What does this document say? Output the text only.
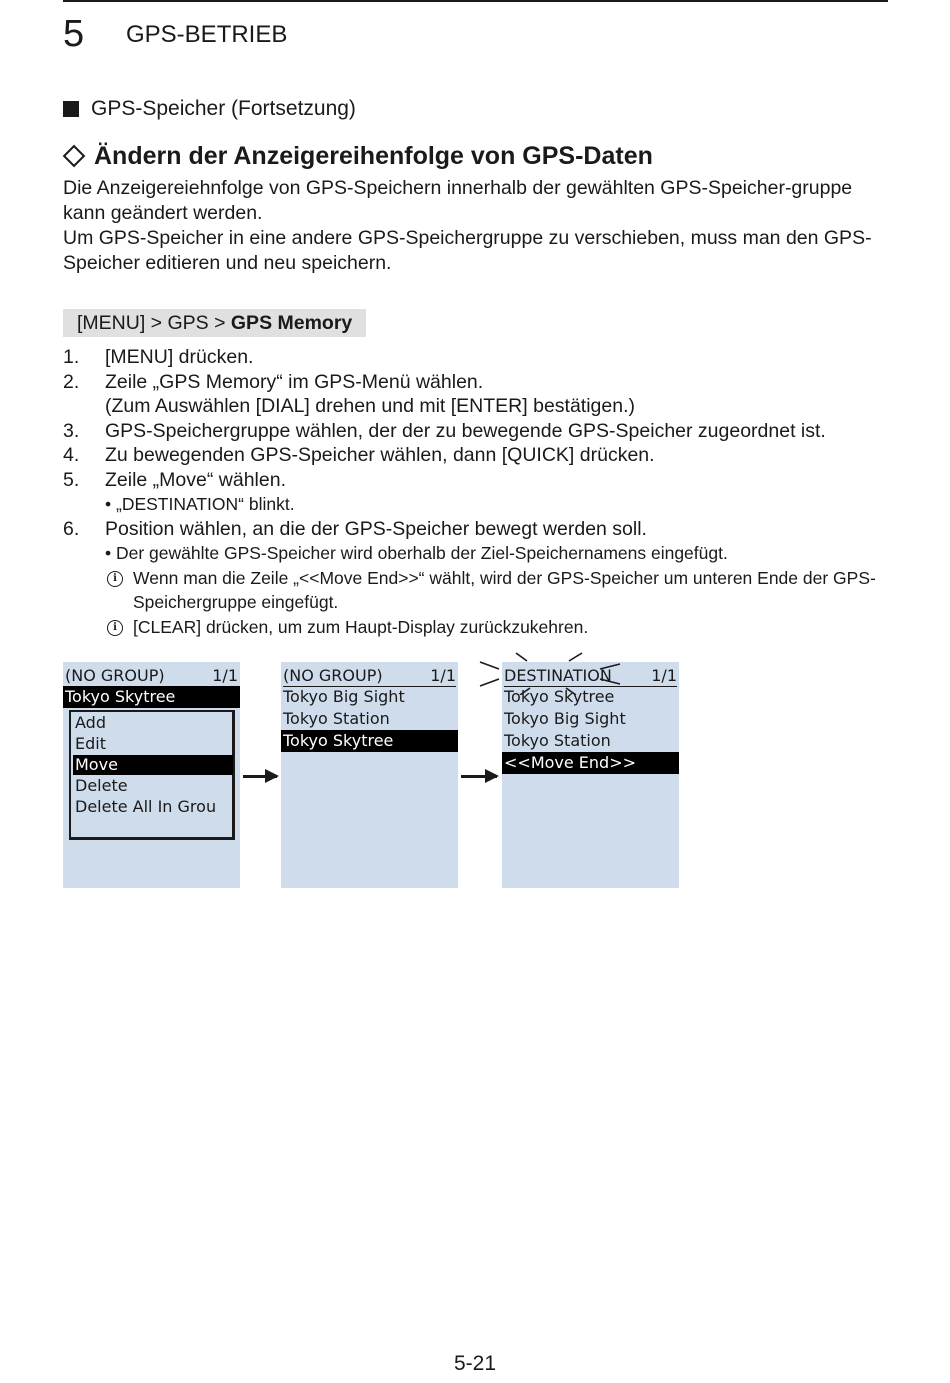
5 GPS-BETRIEB
GPS-Speicher (Fortsetzung)
Ändern der Anzeigereihenfolge von GPS-Daten

Die Anzeigereiehnfolge von GPS-Speichern innerhalb der gewählten GPS-Speicher-gruppe kann geändert werden.

Um GPS-Speicher in eine andere GPS-Speichergruppe zu verschieben, muss man den GPS-Speicher editieren und neu speichern.

[MENU] > GPS > GPS Memory
1.	[MENU] drücken.
2.	Zeile „GPS Memory“ im GPS-Menü wählen.
(Zum Auswählen [DIAL] drehen und mit [ENTER] bestätigen.)
3.	GPS-Speichergruppe wählen, der der zu bewegende GPS-Speicher zugeordnet ist.
4.	Zu bewegenden GPS-Speicher wählen, dann [QUICK] drücken.
5.	Zeile „Move“ wählen.
• „DESTINATION“ blinkt.
6.	Position wählen, an die der GPS-Speicher bewegt werden soll.
• Der gewählte GPS-Speicher wird oberhalb der Ziel-Speichernamens eingefügt.
i Wenn man die Zeile „<<Move End>>“ wählt, wird der GPS-Speicher um unteren Ende der GPS-Speichergruppe eingefügt.
i [CLEAR] drücken, um zum Haupt-Display zurückzukehren.
(NO GROUP)	1/1
Tokyo Skytree
Add
Edit
Move
Delete
Delete All In Grou
(NO GROUP)	1/1
Tokyo Big Sight
Tokyo Station
Tokyo Skytree
DESTINATION 1/1
Tokyo Skytree
Tokyo Big Sight
Tokyo Station
<<Move End>>
5-21
